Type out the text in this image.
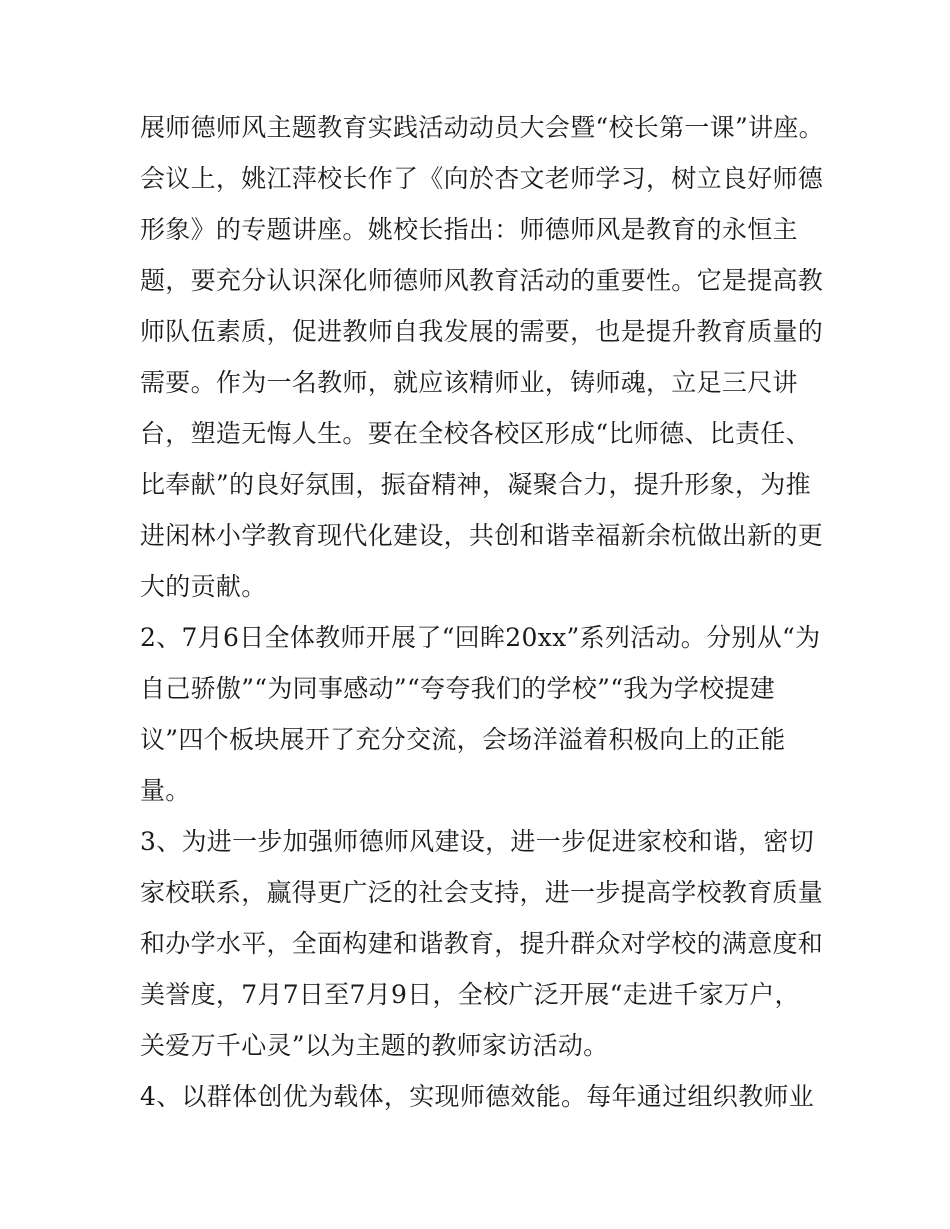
展师德师风主题教育实践活动动员大会暨“校长第一课”讲座。
会议上，姚江萍校长作了《向於杏文老师学习，树立良好师德
形象》的专题讲座。姚校长指出：师德师风是教育的永恒主
题，要充分认识深化师德师风教育活动的重要性。它是提高教
师队伍素质，促进教师自我发展的需要，也是提升教育质量的
需要。作为一名教师，就应该精师业，铸师魂，立足三尺讲
台，塑造无悔人生。要在全校各校区形成“比师德、比责任、
比奉献”的良好氛围，振奋精神，凝聚合力，提升形象，为推
进闲林小学教育现代化建设，共创和谐幸福新余杭做出新的更
大的贡献。
2、7月6日全体教师开展了“回眸20xx”系列活动。分别从“为
自己骄傲”“为同事感动”“夸夸我们的学校”“我为学校提建
议”四个板块展开了充分交流，会场洋溢着积极向上的正能
量。
3、为进一步加强师德师风建设，进一步促进家校和谐，密切
家校联系，赢得更广泛的社会支持，进一步提高学校教育质量
和办学水平，全面构建和谐教育，提升群众对学校的满意度和
美誉度，7月7日至7月9日，全校广泛开展“走进千家万户，
关爱万千心灵”以为主题的教师家访活动。
4、以群体创优为载体，实现师德效能。每年通过组织教师业
